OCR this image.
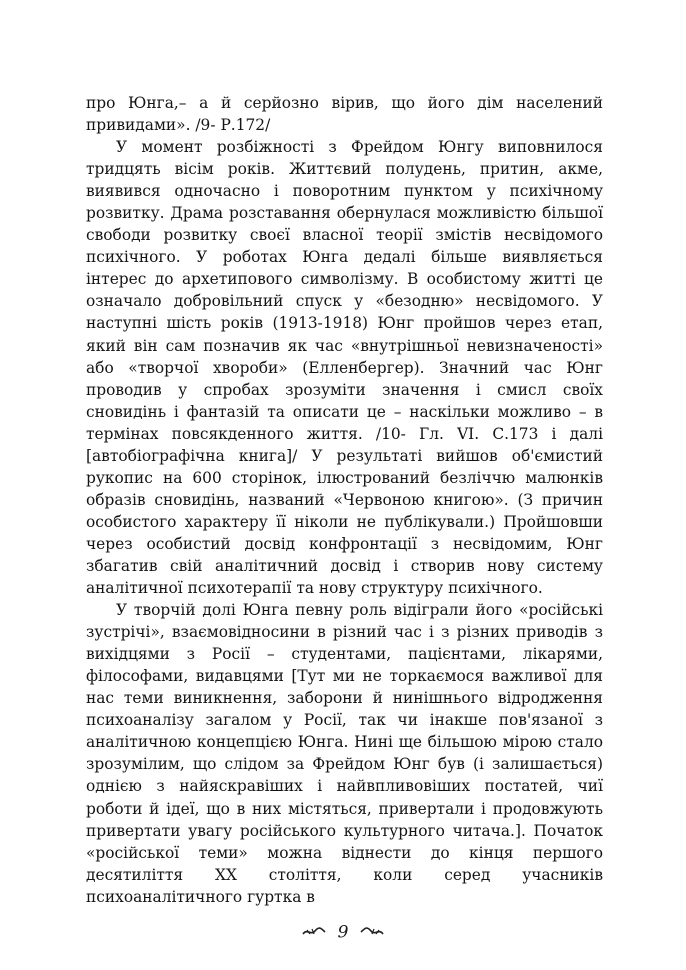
про Юнга,– а й серйозно вірив, що його дім населений привидами». /9- Р.172/

У момент розбіжності з Фрейдом Юнгу виповнилося тридцять вісім років. Життєвий полудень, притин, акме, виявився одночасно і поворотним пунктом у психічному розвитку. Драма розставання обернулася можливістю більшої свободи розвитку своєї власної теорії змістів несвідомого психічного. У роботах Юнга дедалі більше виявляється інтерес до архетипового символізму. В особистому житті це означало добровільний спуск у «безодню» несвідомого. У наступні шість років (1913-1918) Юнг пройшов через етап, який він сам позначив як час «внутрішньої невизначеності» або «творчої хвороби» (Елленбергер). Значний час Юнг проводив у спробах зрозуміти значення і смисл своїх сновидінь і фантазій та описати це – наскільки можливо – в термінах повсякденного життя. /10- Гл. VI. С.173 і далі [автобіографічна книга]/ У результаті вийшов об'ємистий рукопис на 600 сторінок, ілюстрований безліччю малюнків образів сновидінь, названий «Червоною книгою». (З причин особистого характеру її ніколи не публікували.) Пройшовши через особистий досвід конфронтації з несвідомим, Юнг збагатив свій аналітичний досвід і створив нову систему аналітичної психотерапії та нову структуру психічного.

У творчій долі Юнга певну роль відіграли його «російські зустрічі», взаємовідносини в різний час і з різних приводів з вихідцями з Росії – студентами, пацієнтами, лікарями, філософами, видавцями [Тут ми не торкаємося важливої для нас теми виникнення, заборони й нинішнього відродження психоаналізу загалом у Росії, так чи інакше пов'язаної з аналітичною концепцією Юнга. Нині ще більшою мірою стало зрозумілим, що слідом за Фрейдом Юнг був (і залишається) однією з найяскравіших і найвпливовіших постатей, чиї роботи й ідеї, що в них містяться, привертали і продовжують привертати увагу російського культурного читача.]. Початок «російської теми» можна віднести до кінця першого десятиліття XX століття, коли серед учасників психоаналітичного гуртка в

9
